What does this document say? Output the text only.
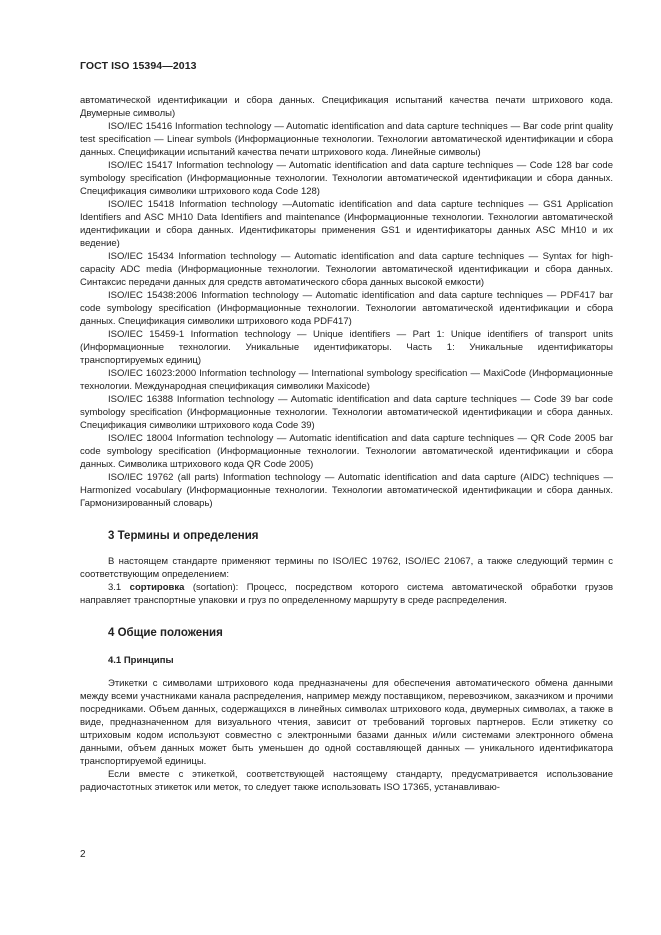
ГОСТ ISO 15394—2013

автоматической идентификации и сбора данных. Спецификация испытаний качества печати штрихового кода. Двумерные символы)

ISO/IEC 15416 Information technology — Automatic identification and data capture techniques — Bar code print quality test specification — Linear symbols (Информационные технологии. Технологии автоматической идентификации и сбора данных. Спецификации испытаний качества печати штрихового кода. Линейные символы)

ISO/IEC 15417 Information technology — Automatic identification and data capture techniques — Code 128 bar code symbology specification (Информационные технологии. Технологии автоматической идентификации и сбора данных. Спецификация символики штрихового кода Code 128)

ISO/IEC 15418 Information technology —Automatic identification and data capture techniques — GS1 Application Identifiers and ASC MH10 Data Identifiers and maintenance (Информационные технологии. Технологии автоматической идентификации и сбора данных. Идентификаторы применения GS1 и идентификаторы данных ASC MH10 и их ведение)

ISO/IEC 15434 Information technology — Automatic identification and data capture techniques — Syntax for high-capacity ADC media (Информационные технологии. Технологии автоматической идентификации и сбора данных. Синтаксис передачи данных для средств автоматического сбора данных высокой емкости)

ISO/IEC 15438:2006 Information technology — Automatic identification and data capture techniques — PDF417 bar code symbology specification (Информационные технологии. Технологии автоматической идентификации и сбора данных. Спецификация символики штрихового кода PDF417)

ISO/IEC 15459-1 Information technology — Unique identifiers — Part 1: Unique identifiers of transport units (Информационные технологии. Уникальные идентификаторы. Часть 1: Уникальные идентификаторы транспортируемых единиц)

ISO/IEC 16023:2000 Information technology — International symbology specification — MaxiCode (Информационные технологии. Международная спецификация символики Maxicode)

ISO/IEC 16388 Information technology — Automatic identification and data capture techniques — Code 39 bar code symbology specification (Информационные технологии. Технологии автоматической идентификации и сбора данных. Спецификация символики штрихового кода Code 39)

ISO/IEC 18004 Information technology — Automatic identification and data capture techniques — QR Code 2005 bar code symbology specification (Информационные технологии. Технологии автоматической идентификации и сбора данных. Символика штрихового кода QR Code 2005)

ISO/IEC 19762 (all parts) Information technology — Automatic identification and data capture (AIDC) techniques — Harmonized vocabulary (Информационные технологии. Технологии автоматической идентификации и сбора данных. Гармонизированный словарь)

3 Термины и определения

В настоящем стандарте применяют термины по ISO/IEC 19762, ISO/IEC 21067, а также следующий термин с соответствующим определением:

3.1 сортировка (sortation): Процесс, посредством которого система автоматической обработки грузов направляет транспортные упаковки и груз по определенному маршруту в среде распределения.

4 Общие положения
4.1 Принципы

Этикетки с символами штрихового кода предназначены для обеспечения автоматического обмена данными между всеми участниками канала распределения, например между поставщиком, перевозчиком, заказчиком и прочими посредниками. Объем данных, содержащихся в линейных символах штрихового кода, двумерных символах, а также в виде, предназначенном для визуального чтения, зависит от требований торговых партнеров. Если этикетку со штриховым кодом используют совместно с электронными базами данных и/или системами электронного обмена данными, объем данных может быть уменьшен до одной составляющей данных — уникального идентификатора транспортируемой единицы.

Если вместе с этикеткой, соответствующей настоящему стандарту, предусматривается использование радиочастотных этикеток или меток, то следует также использовать ISO 17365, устанавливаю-

2
